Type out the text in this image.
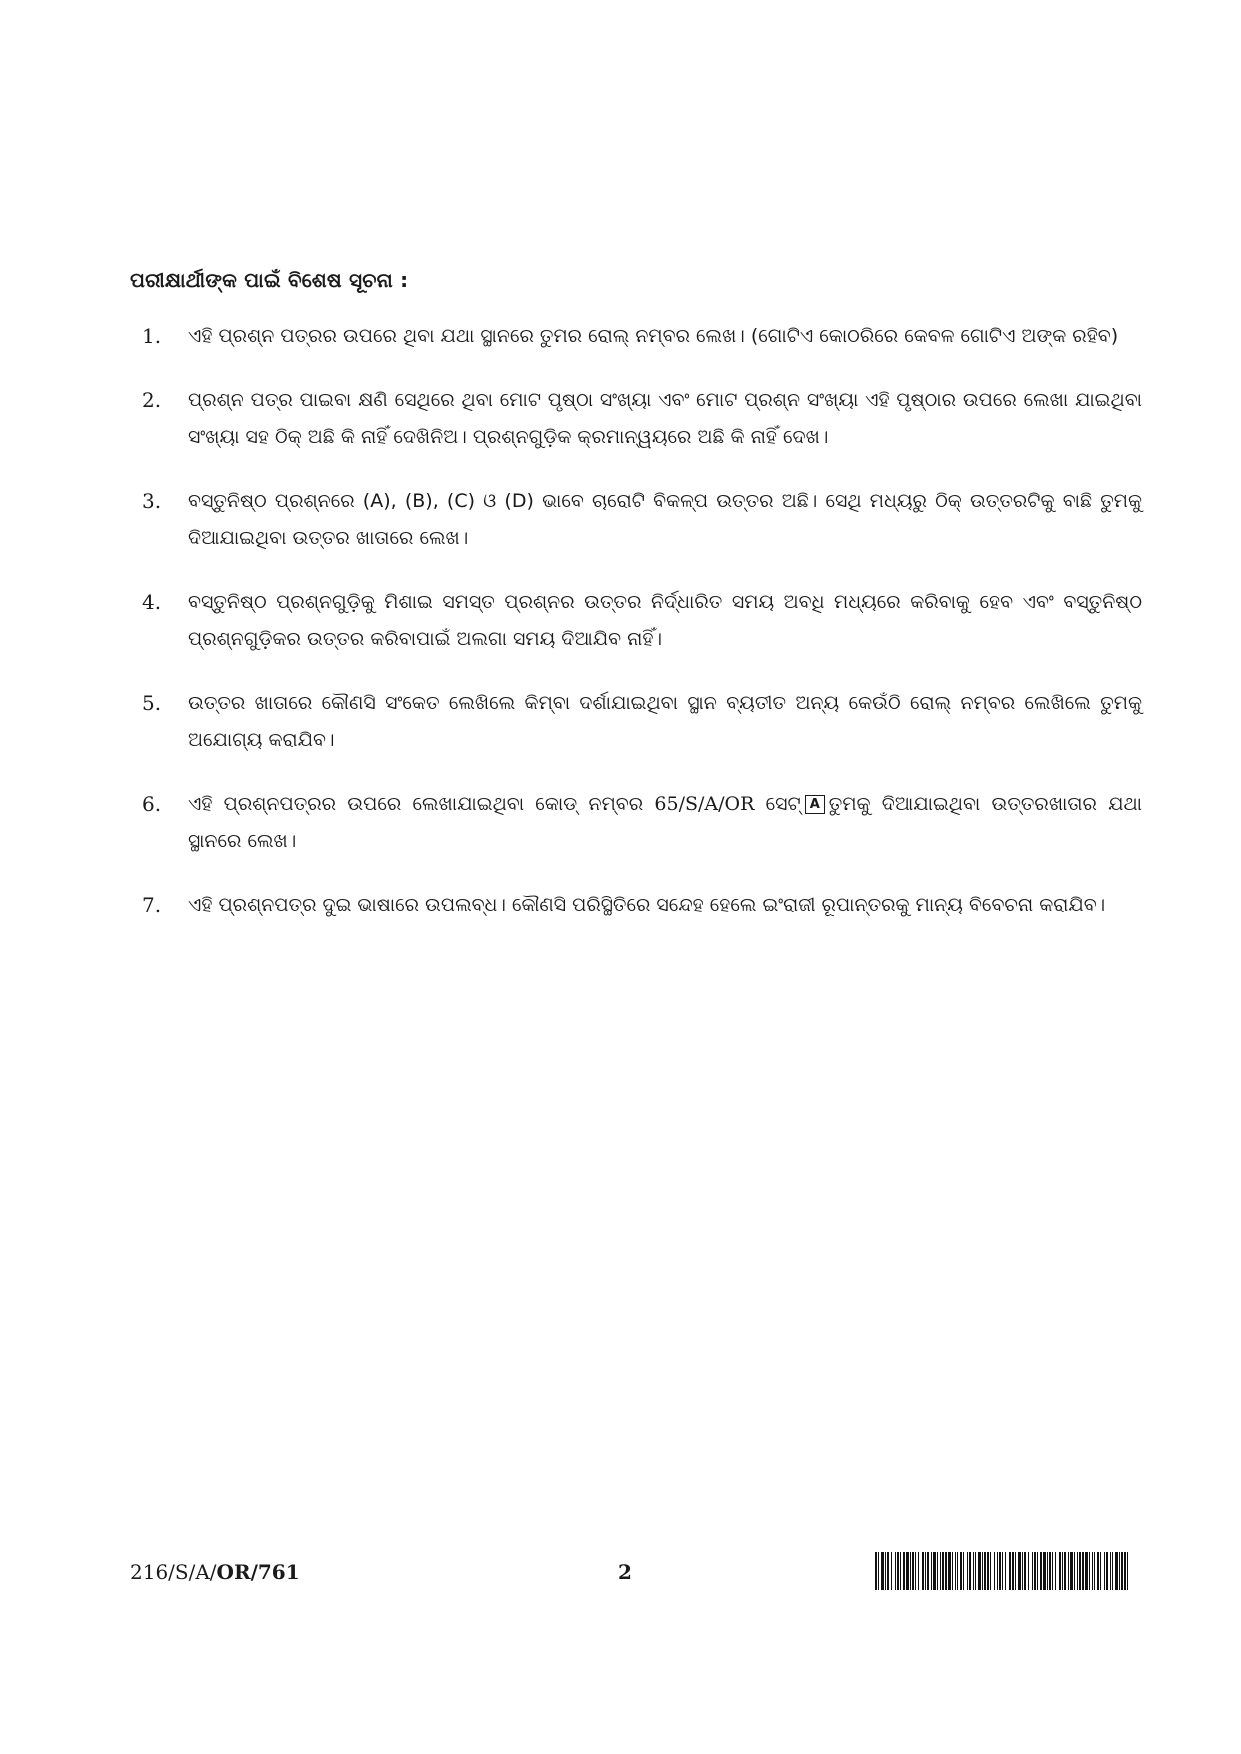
ପରୀକ୍ଷାର୍ଥୀଙ୍କ ପାଇଁ ବିଶେଷ ସୂଚନା :
1.	ଏହି ପ୍ରଶ୍ନ ପତ୍ରର ଉପରେ ଥିବା ଯଥା ସ୍ଥାନରେ ତୁମର ରୋଲ୍ ନମ୍ବର ଲେଖ। (ଗୋଟିଏ କୋଠରିରେ କେବଳ ଗୋଟିଏ ଅଙ୍କ ରହିବ)
2.	ପ୍ରଶ୍ନ ପତ୍ର ପାଇବା କ୍ଷଣି ସେଥିରେ ଥିବା ମୋଟ ପୃଷ୍ଠା ସଂଖ୍ୟା ଏବଂ ମୋଟ ପ୍ରଶ୍ନ ସଂଖ୍ୟା ଏହି ପୃଷ୍ଠାର ଉପରେ ଲେଖା ଯାଇଥିବା ସଂଖ୍ୟା ସହ ଠିକ୍ ଅଛି କି ନାହିଁ ଦେଖିନିଅ। ପ୍ରଶ୍ନଗୁଡ଼ିକ କ୍ରମାନ୍ୱୟରେ ଅଛି କି ନାହିଁ ଦେଖ।
3.	ବସ୍ତୁନିଷ୍ଠ ପ୍ରଶ୍ନରେ (A), (B), (C) ଓ (D) ଭାବେ ଚାରୋଟି ବିକଳ୍ପ ଉତ୍ତର ଅଛି। ସେଥି ମଧ୍ୟରୁ ଠିକ୍ ଉତ୍ତରଟିକୁ ବାଛି ତୁମକୁ ଦିଆଯାଇଥିବା ଉତ୍ତର ଖାତାରେ ଲେଖ।
4.	ବସ୍ତୁନିଷ୍ଠ ପ୍ରଶ୍ନଗୁଡ଼ିକୁ ମିଶାଇ ସମସ୍ତ ପ୍ରଶ୍ନର ଉତ୍ତର ନିର୍ଦ୍ଧାରିତ ସମୟ ଅବଧି ମଧ୍ୟରେ କରିବାକୁ ହେବ ଏବଂ ବସ୍ତୁନିଷ୍ଠ ପ୍ରଶ୍ନଗୁଡ଼ିକର ଉତ୍ତର କରିବାପାଇଁ ଅଲଗା ସମୟ ଦିଆଯିବ ନାହିଁ।
5.	ଉତ୍ତର ଖାତାରେ କୌଣସି ସଂକେତ ଲେଖିଲେ କିମ୍ବା ଦର୍ଶାଯାଇଥିବା ସ୍ଥାନ ବ୍ୟତୀତ ଅନ୍ୟ କେଉଁଠି ରୋଲ୍ ନମ୍ବର ଲେଖିଲେ ତୁମକୁ ଅଯୋଗ୍ୟ କରାଯିବ।
6.	ଏହି ପ୍ରଶ୍ନପତ୍ରର ଉପରେ ଲେଖାଯାଇଥିବା କୋଡ୍ ନମ୍ବର 65/S/A/OR ସେଟ୍ A ତୁମକୁ ଦିଆଯାଇଥିବା ଉତ୍ତରଖାତାର ଯଥା ସ୍ଥାନରେ ଲେଖ।
7.	ଏହି ପ୍ରଶ୍ନପତ୍ର ଦୁଇ ଭାଷାରେ ଉପଲବ୍ଧ। କୌଣସି ପରିସ୍ଥିତିରେ ସନ୍ଦେହ ହେଲେ ଇଂରାଜୀ ରୂପାନ୍ତରକୁ ମାନ୍ୟ ବିବେଚନା କରାଯିବ।
216/S/A/OR/761	2
